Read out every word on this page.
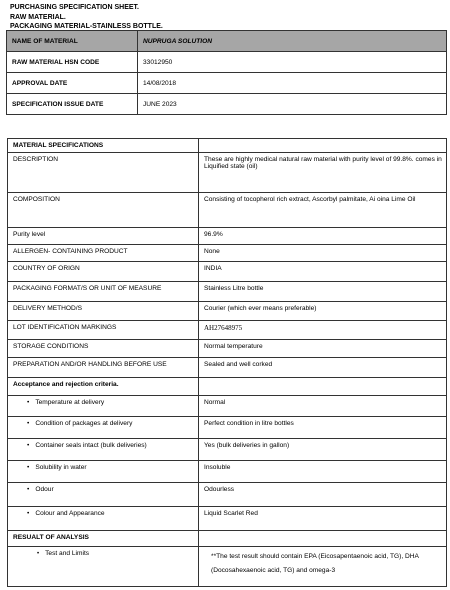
PURCHASING SPECIFICATION SHEET.
RAW MATERIAL.
PACKAGING MATERIAL-STAINLESS BOTTLE.
NAME OF MATERIAL	NUPRUGA SOLUTION
RAW MATERIAL HSN CODE	33012950
APPROVAL DATE	14/08/2018
SPECIFICATION ISSUE DATE	JUNE 2023
MATERIAL SPECIFICATIONS	
DESCRIPTION	These are highly medical natural raw material with purity level of 99.8%. comes in Liquified state (oil)
COMPOSITION	Consisting of tocopherol rich extract, Ascorbyl palmitate, Ai oina Lime Oil
Purity level	96.9%
ALLERGEN- CONTAINING PRODUCT	None
COUNTRY OF ORIGN	INDIA
PACKAGING FORMAT/S OR UNIT OF MEASURE	Stainless Litre bottle
DELIVERY METHOD/S	Courier (which ever means preferable)
LOT IDENTIFICATION MARKINGS	AH27648975
STORAGE CONDITIONS	Normal temperature
PREPARATION AND/OR HANDLING BEFORE USE	Sealed and well corked
Acceptance and rejection criteria.	
• Temperature at delivery	Normal
• Condition of packages at delivery	Perfect condition in litre bottles
• Container seals intact (bulk deliveries)	Yes (bulk deliveries in gallon)
• Solubility in water	Insoluble
• Odour	Odourless
• Colour and Appearance	Liquid Scarlet Red
RESUALT OF ANALYSIS	
• Test and Limits	**The test result should contain EPA (Eicosapentaenoic acid, TG), DHA (Docosahexaenoic acid, TG) and omega-3
